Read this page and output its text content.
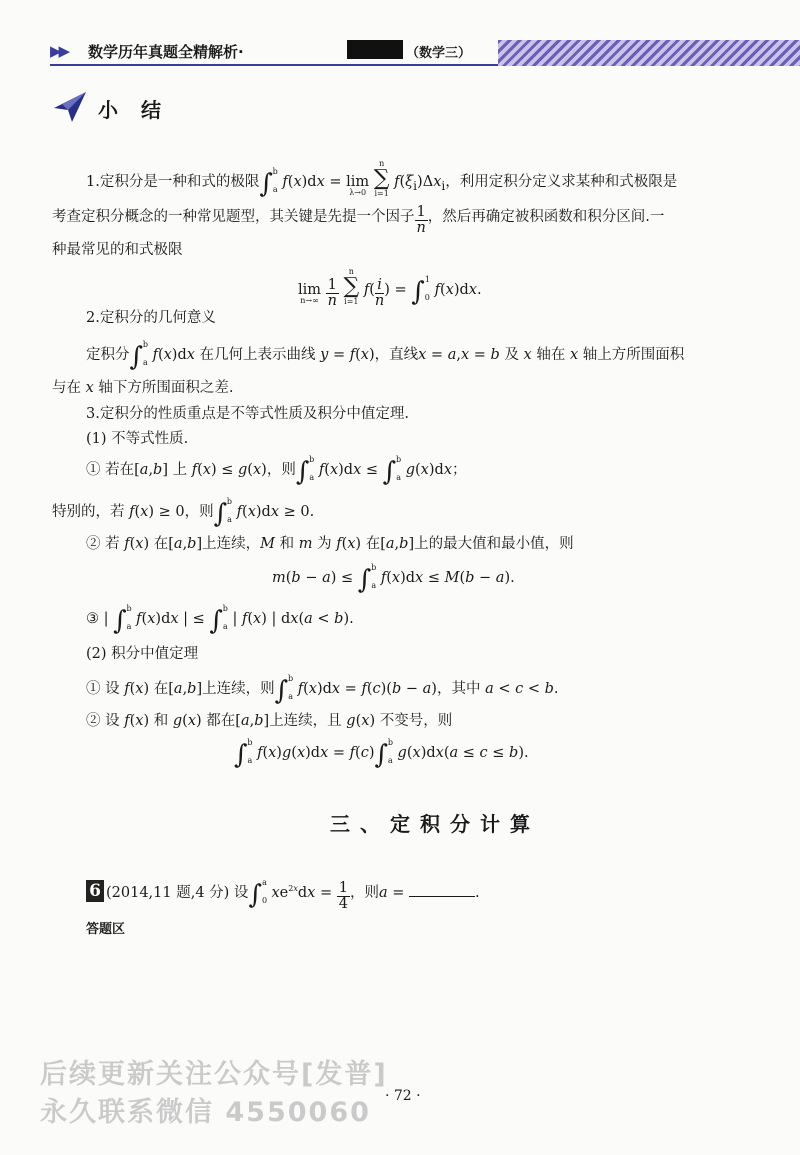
▶▶ 数学历年真题全精解析·	（数学三）
小 结
1.定积分是一种和式的极限$\int_a^b$ f(x)dx = lim
λ→0

n
∑
i=1
$f(\xi_i)\Delta x_i$，利用定积分定义求某种和式极限是
考查定积分概念的一种常见题型，其关键是先提一个因子 $\frac{1}{n}$ ，然后再确定被积函数和积分区间.一
种最常见的和式极限
lim
n→∞
$\frac{1}{n}$

n
∑
i=1
$f( \frac{i}{n}$ ) = $\int_0^1$ f(x)dx.
2.定积分的几何意义
定积分$\int_a^b$ f(x)dx 在几何上表示曲线 y = f(x)，直线x = a,x = b 及 x 轴在 x 轴上方所围面积
与在 x 轴下方所围面积之差.
3.定积分的性质重点是不等式性质及积分中值定理.
(1) 不等式性质.
① 若在[a,b] 上 f(x) ≤ g(x)，则$\int_a^b$ $f(x)dx \le \int_a^b$ g(x)dx；
特别的，若 f(x) ≥ 0，则$\int_a^b$ f(x)dx ≥ 0.
② 若 f(x) 在[a,b]上连续，M 和 m 为 f(x) 在[a,b]上的最大值和最小值，则
$m(b - a) \le \int_a^b$ f(x)dx ≤ M(b − a).
③ | $\int_a^b$ f(x)dx | ≤ $\int_a^b$ | f(x) | dx(a < b).
(2) 积分中值定理
① 设 f(x) 在[a,b]上连续，则$\int_a^b$ f(x)dx = f(c)(b − a)，其中 a < c < b.
② 设 f(x) 和 g(x) 都在[a,b]上连续，且 g(x) 不变号，则
$\int_a^b$ $f(x)g(x)dx = f(c)\int_a^b$ g(x)dx(a ≤ c ≤ b).
三、定积分计算
6 (2014,11 题,4 分) 设$\int_0^a$ $xe^{2x}dx = \frac{1}{4}$ ，则a =	.
答题区
后续更新关注公众号[发普]
永久联系微信 4550060
· 72 ·
